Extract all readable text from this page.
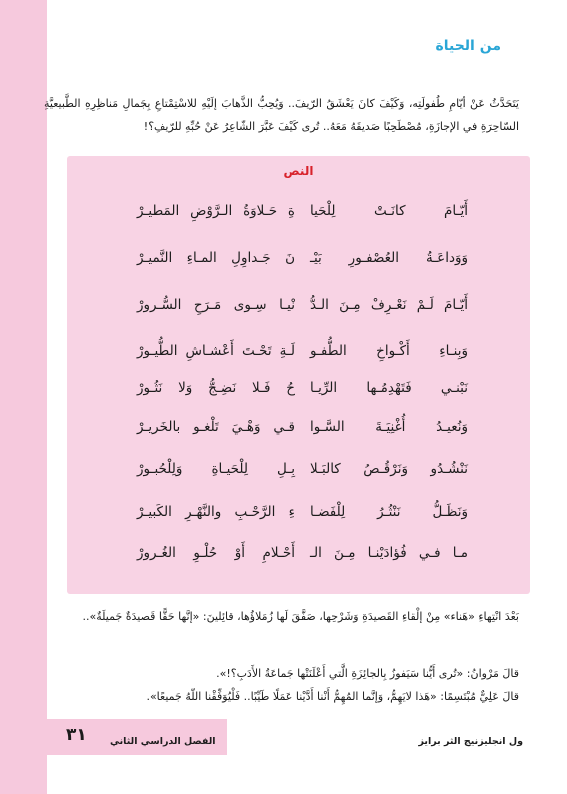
من الحياة

يَتَحَدَّثُ عَنْ أيّامِ طُفولَتِه، وَكَيْفَ كانَ يَعْشَقُ الرّيفَ.. وَيُحِبُّ الذَّهابَ إلَيْهِ للاسْتِمْتاعِ بِجَمالِ مَناظِرِهِ الطَّبيعيَّةِ السّاحِرَةِ في الإجازَةِ، مُصْطَحِبًا صَديقَهُ مَعَهُ.. تُرى كَيْفَ عَبَّرَ الشّاعِرُ عَنْ حُبِّهِ للرّيفِ؟!

النص
أَيّـامَ كانَـتْ لِلْحَيا
ةِ حَـلاوَةُ الـرَّوْضِ المَطيـرْ
وَوَداعَـةُ العُصْفـورِ بَيْـ
نَ جَـداوِلِ المـاءِ النَّميـرْ
أَيّـامَ لَـمْ نَعْـرِفْ مِـنَ الـدُّ
نْيـا سِـوى مَـرَحِ السُّـرورْ
وَبِنـاءِ أَكْـواخِ الطُّفـو
لَـةِ تَحْـتَ أَعْشـاشِ الطُّيـورْ
نَبْنـي فَتَهْدِمُـها الرِّيـا
حُ فَـلا نَضِـجُّ وَلا نَثُـورْ
وَنُعيـدُ أُغْنِيَـةَ السَّـوا
قـي وَهْـيَ تَلْغـو بالخَريـرْ
نَنْشُـدُو وَنَرْقُـصُ كالبَـلا
بِـلِ لِلْحَيـاةِ وَلِلْحُبـورْ
وَنَظَـلُّ نَنْثُـرُ لِلْفَضـا
ءِ الرَّحْـبِ والنَّهْـرِ الكَبيـرْ
مـا فـي فُؤادَيْنـا مِـنَ الـ
أَحْـلامِ أَوْ حُلْـوِ الغُـرورْ

بَعْدَ انْتِهاءِ «هَناء» مِنْ إلْقاءِ القَصيدَةِ وَشَرْحِها، صَفَّقَ لَها زُمَلاؤُها، قائِلينَ: «إنَّها حَقًّا قَصيدَةٌ جَميلَةٌ»..

قالَ مَرْوانُ: «تُرى أَيُّنا سَيَفوزُ بِالجائِزَةِ الَّتي أَعْلَنَتْها جَماعَةُ الأَدَبِ؟!».

قالَ عَلِيٌّ مُبْتَسِمًا: «هَذا لايَهِمُّ، وَإنَّما المُهِمُّ أَنْنا أَدَّيْنا عَمَلًا طَيِّبًا.. فَلْيُوَفِّقْنا اللّهُ جَميعًا».

٣١ الفصل الدراسي الثاني	ول انجليزنيج الثر برايز
